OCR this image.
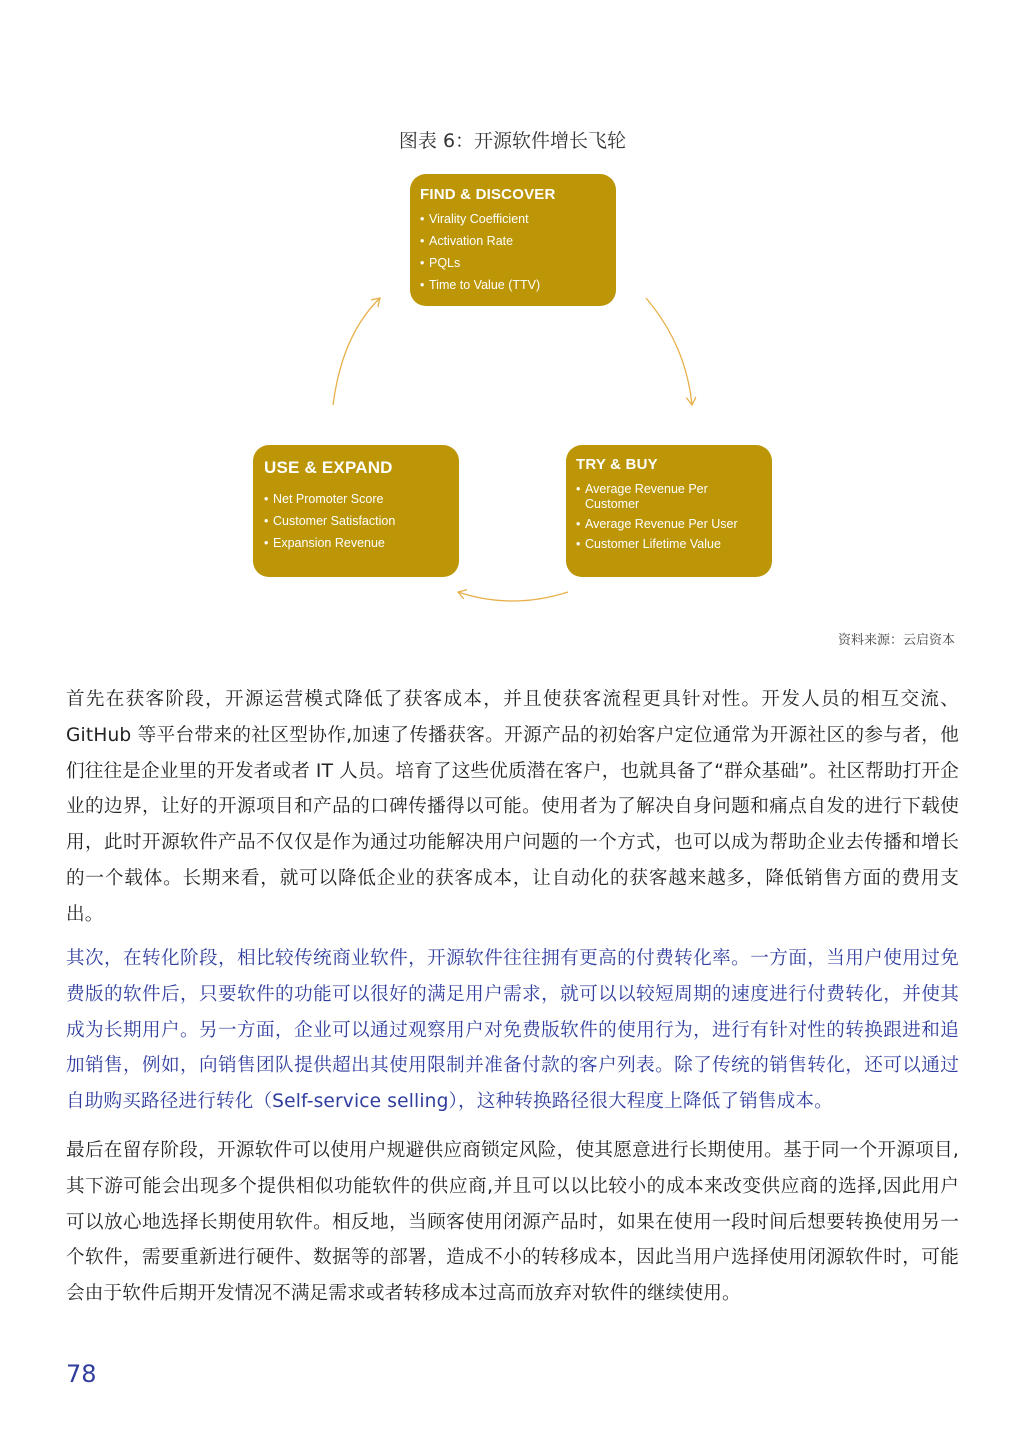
图表 6：开源软件增长飞轮
FIND & DISCOVER
• Virality Coefficient
• Activation Rate
• PQLs
• Time to Value (TTV)
USE & EXPAND
• Net Promoter Score
• Customer Satisfaction
• Expansion Revenue
TRY & BUY
• Average Revenue Per Customer
• Average Revenue Per User
• Customer Lifetime Value
资料来源：云启资本

首先在获客阶段，开源运营模式降低了获客成本，并且使获客流程更具针对性。开发人员的相互交流、GitHub 等平台带来的社区型协作,加速了传播获客。开源产品的初始客户定位通常为开源社区的参与者，他们往往是企业里的开发者或者 IT 人员。培育了这些优质潜在客户，也就具备了“群众基础”。社区帮助打开企业的边界，让好的开源项目和产品的口碑传播得以可能。使用者为了解决自身问题和痛点自发的进行下载使用，此时开源软件产品不仅仅是作为通过功能解决用户问题的一个方式，也可以成为帮助企业去传播和增长的一个载体。长期来看，就可以降低企业的获客成本，让自动化的获客越来越多，降低销售方面的费用支出。

其次，在转化阶段，相比较传统商业软件，开源软件往往拥有更高的付费转化率。一方面，当用户使用过免费版的软件后，只要软件的功能可以很好的满足用户需求，就可以以较短周期的速度进行付费转化，并使其成为长期用户。另一方面，企业可以通过观察用户对免费版软件的使用行为，进行有针对性的转换跟进和追加销售，例如，向销售团队提供超出其使用限制并准备付款的客户列表。除了传统的销售转化，还可以通过自助购买路径进行转化（Self-service selling），这种转换路径很大程度上降低了销售成本。

最后在留存阶段，开源软件可以使用户规避供应商锁定风险，使其愿意进行长期使用。基于同一个开源项目,其下游可能会出现多个提供相似功能软件的供应商,并且可以以比较小的成本来改变供应商的选择,因此用户可以放心地选择长期使用软件。相反地，当顾客使用闭源产品时，如果在使用一段时间后想要转换使用另一个软件，需要重新进行硬件、数据等的部署，造成不小的转移成本，因此当用户选择使用闭源软件时，可能会由于软件后期开发情况不满足需求或者转移成本过高而放弃对软件的继续使用。

78
